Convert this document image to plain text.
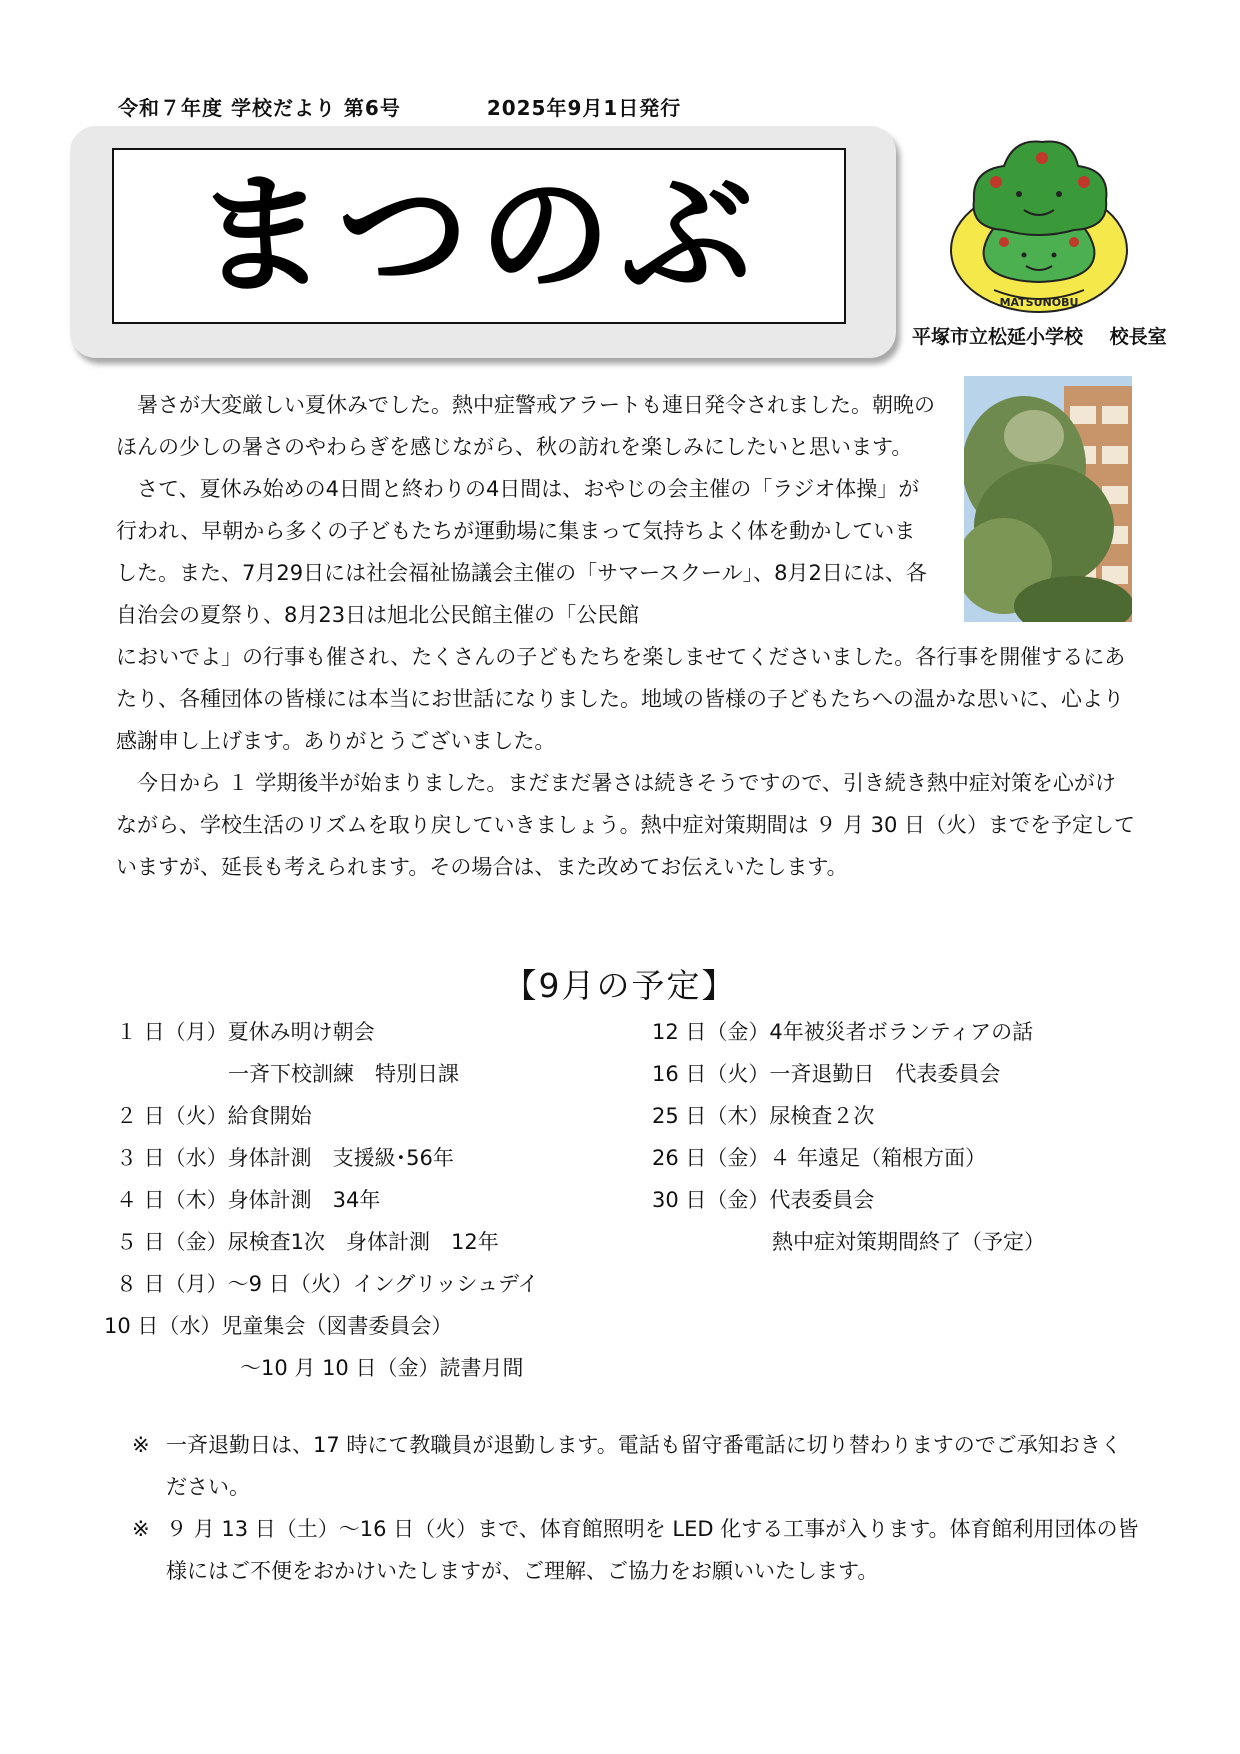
令和７年度 学校だより 第6号	2025年9月1日発行
まつのぶ	MATSUNOBU
平塚市立松延小学校 校長室

暑さが大変厳しい夏休みでした。熱中症警戒アラートも連日発令されました。朝晩のほんの少しの暑さのやわらぎを感じながら、秋の訪れを楽しみにしたいと思います。

さて、夏休み始めの4日間と終わりの4日間は、おやじの会主催の「ラジオ体操」が行われ、早朝から多くの子どもたちが運動場に集まって気持ちよく体を動かしていました。また、7月29日には社会福祉協議会主催の「サマースクール」、8月2日には、各自治会の夏祭り、8月23日は旭北公民館主催の「公民館

においでよ」の行事も催され、たくさんの子どもたちを楽しませてくださいました。各行事を開催するにあたり、各種団体の皆様には本当にお世話になりました。地域の皆様の子どもたちへの温かな思いに、心より感謝申し上げます。ありがとうございました。

今日から １ 学期後半が始まりました。まだまだ暑さは続きそうですので、引き続き熱中症対策を心がけながら、学校生活のリズムを取り戻していきましょう。熱中症対策期間は ９ 月 30 日（火）までを予定していますが、延長も考えられます。その場合は、また改めてお伝えいたします。

【9月の予定】
１ 日（月）夏休み明け朝会
一斉下校訓練　特別日課
２ 日（火）給食開始
３ 日（水）身体計測　支援級･56年
４ 日（木）身体計測　34年
５ 日（金）尿検査1次　身体計測　12年
８ 日（月）～9 日（火）イングリッシュデイ
10 日（水）児童集会（図書委員会）
～10 月 10 日（金）読書月間
12 日（金）4年被災者ボランティアの話
16 日（火）一斉退勤日　代表委員会
25 日（木）尿検査２次
26 日（金）４ 年遠足（箱根方面）
30 日（金）代表委員会
熱中症対策期間終了（予定）
※ 一斉退勤日は、17 時にて教職員が退勤します。電話も留守番電話に切り替わりますのでご承知おきください。
※ ９ 月 13 日（土）～16 日（火）まで、体育館照明を LED 化する工事が入ります。体育館利用団体の皆様にはご不便をおかけいたしますが、ご理解、ご協力をお願いいたします。
